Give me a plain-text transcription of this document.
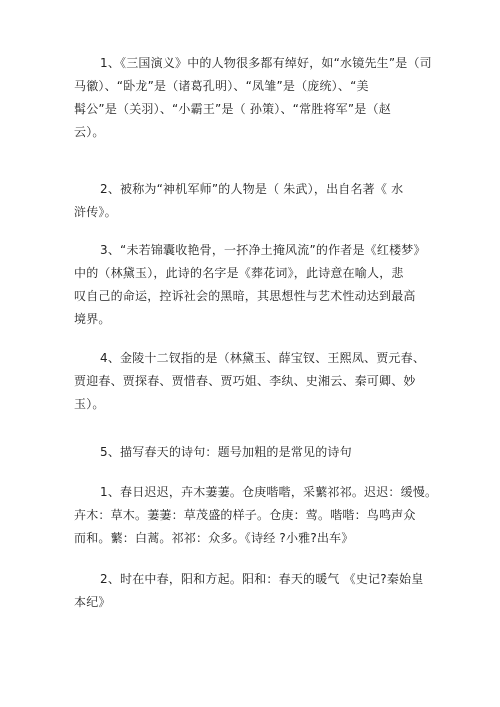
1、《三国演义》中的人物很多都有绰好，如“水镜先生”是（司
马徽）、“卧龙”是（诸葛孔明）、“凤雏”是（庞统）、“美
髯公”是（关羽）、“小霸王”是（ 孙策）、“常胜将军”是（赵
云）。
2、被称为“神机军师”的人物是（ 朱武），出自名著《 水
浒传》。
3、“未若锦囊收艳骨，一抔净土掩风流”的作者是《红楼梦》
中的（林黛玉），此诗的名字是《葬花词》，此诗意在喻人，悲
叹自己的命运，控诉社会的黑暗，其思想性与艺术性动达到最高
境界。
4、金陵十二钗指的是（林黛玉、薛宝钗、王熙凤、贾元春、
贾迎春、贾探春、贾惜春、贾巧姐、李纨、史湘云、秦可卿、妙
玉）。
5、描写春天的诗句：题号加粗的是常见的诗句
1、春日迟迟，卉木萋萋。仓庚喈喈，采蘩祁祁。迟迟：缓慢。
卉木：草木。萋萋：草茂盛的样子。仓庚：莺。喈喈：鸟鸣声众
而和。蘩：白蒿。祁祁：众多。《诗经 ?小雅?出车》
2、时在中春，阳和方起。阳和：春天的暖气 《史记?秦始皇
本纪》
